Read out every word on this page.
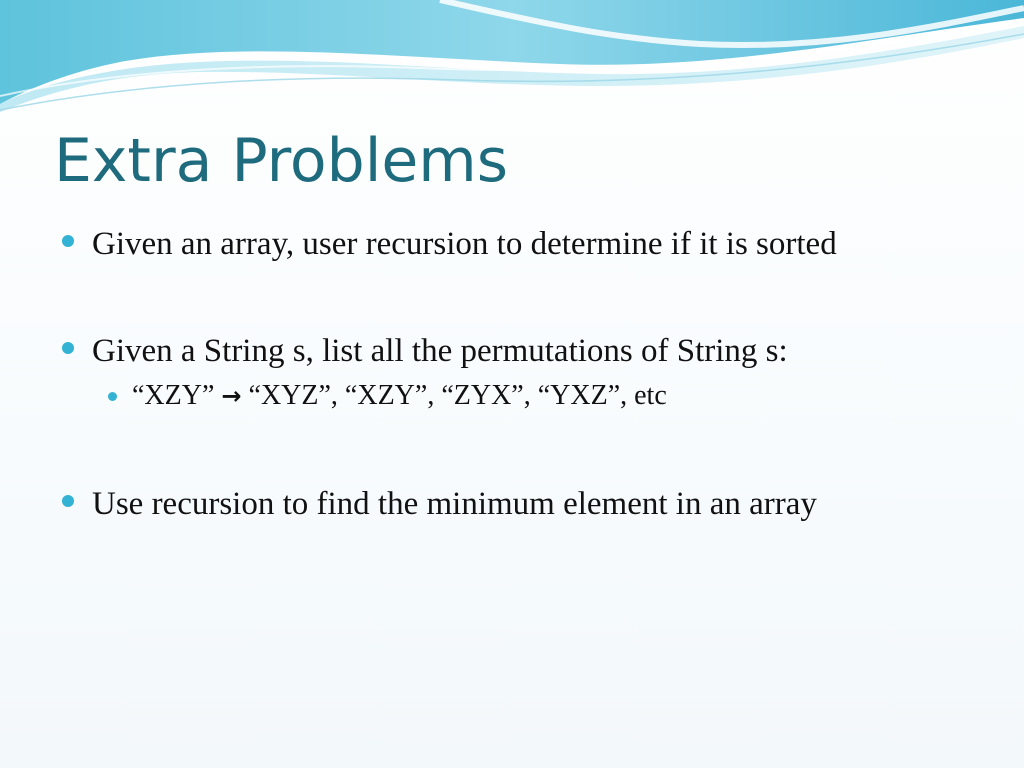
Extra Problems
Given an array, user recursion to determine if it is sorted
Given a String s, list all the permutations of String s:
“XZY” → “XYZ”, “XZY”, “ZYX”, “YXZ”, etc
Use recursion to find the minimum element in an array
